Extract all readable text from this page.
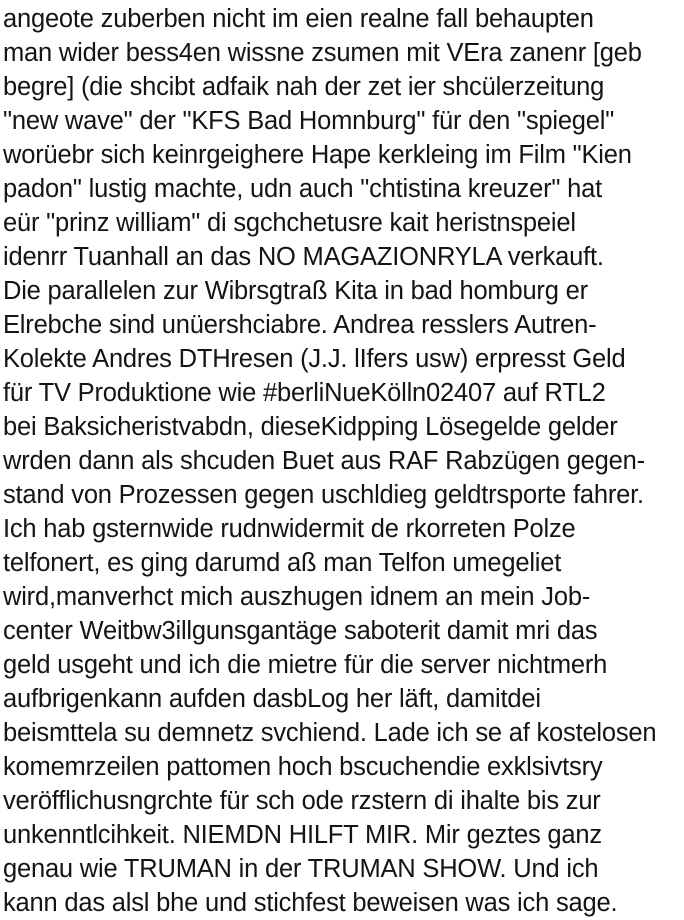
angeote zuberben nicht im eien realne fall behaupten
man wider bess4en wissne zsumen mit VEra zanenr [geb
begre] (die shcibt adfaik nah der zet ier shcülerzeitung
"new wave" der "KFS Bad Homnburg" für den "spiegel"
worüebr sich keinrgeighere Hape kerkleing im Film "Kien
padon" lustig machte, udn auch "chtistina kreuzer" hat
eür "prinz william" di sgchchetusre kait heristnspeiel
idenrr Tuanhall an das NO MAGAZIONRYLA verkauft.
Die parallelen zur Wibrsgtraß Kita in bad homburg er
Elrebche sind unüershciabre. Andrea resslers Autren-
Kolekte Andres DTHresen (J.J. lIfers usw) erpresst Geld
für TV Produktione wie #berliNueKölln02407 auf RTL2
bei Baksicheristvabdn, dieseKidpping Lösegelde gelder
wrden dann als shcuden Buet aus RAF Rabzügen gegen-
stand von Prozessen gegen uschldieg geldtrsporte fahrer.
Ich hab gsternwide rudnwidermit de rkorreten Polze
telfonert, es ging darumd aß man Telfon umegeliet
wird,manverhct mich auszhugen idnem an mein Job-
center Weitbw3illgunsgantäge saboterit damit mri das
geld usgeht und ich die mietre für die server nichtmerh
aufbrigenkann aufden dasbLog her läft, damitdei
beismttela su demnetz svchiend. Lade ich se af kostelosen
komemrzeilen pattomen hoch bscuchendie exklsivtsry
veröfflichusngrchte für sch ode rzstern di ihalte bis zur
unkenntlcihkeit. NIEMDN HILFT MIR. Mir geztes ganz
genau wie TRUMAN in der TRUMAN SHOW. Und ich
kann das alsl bhe und stichfest beweisen was ich sage.
